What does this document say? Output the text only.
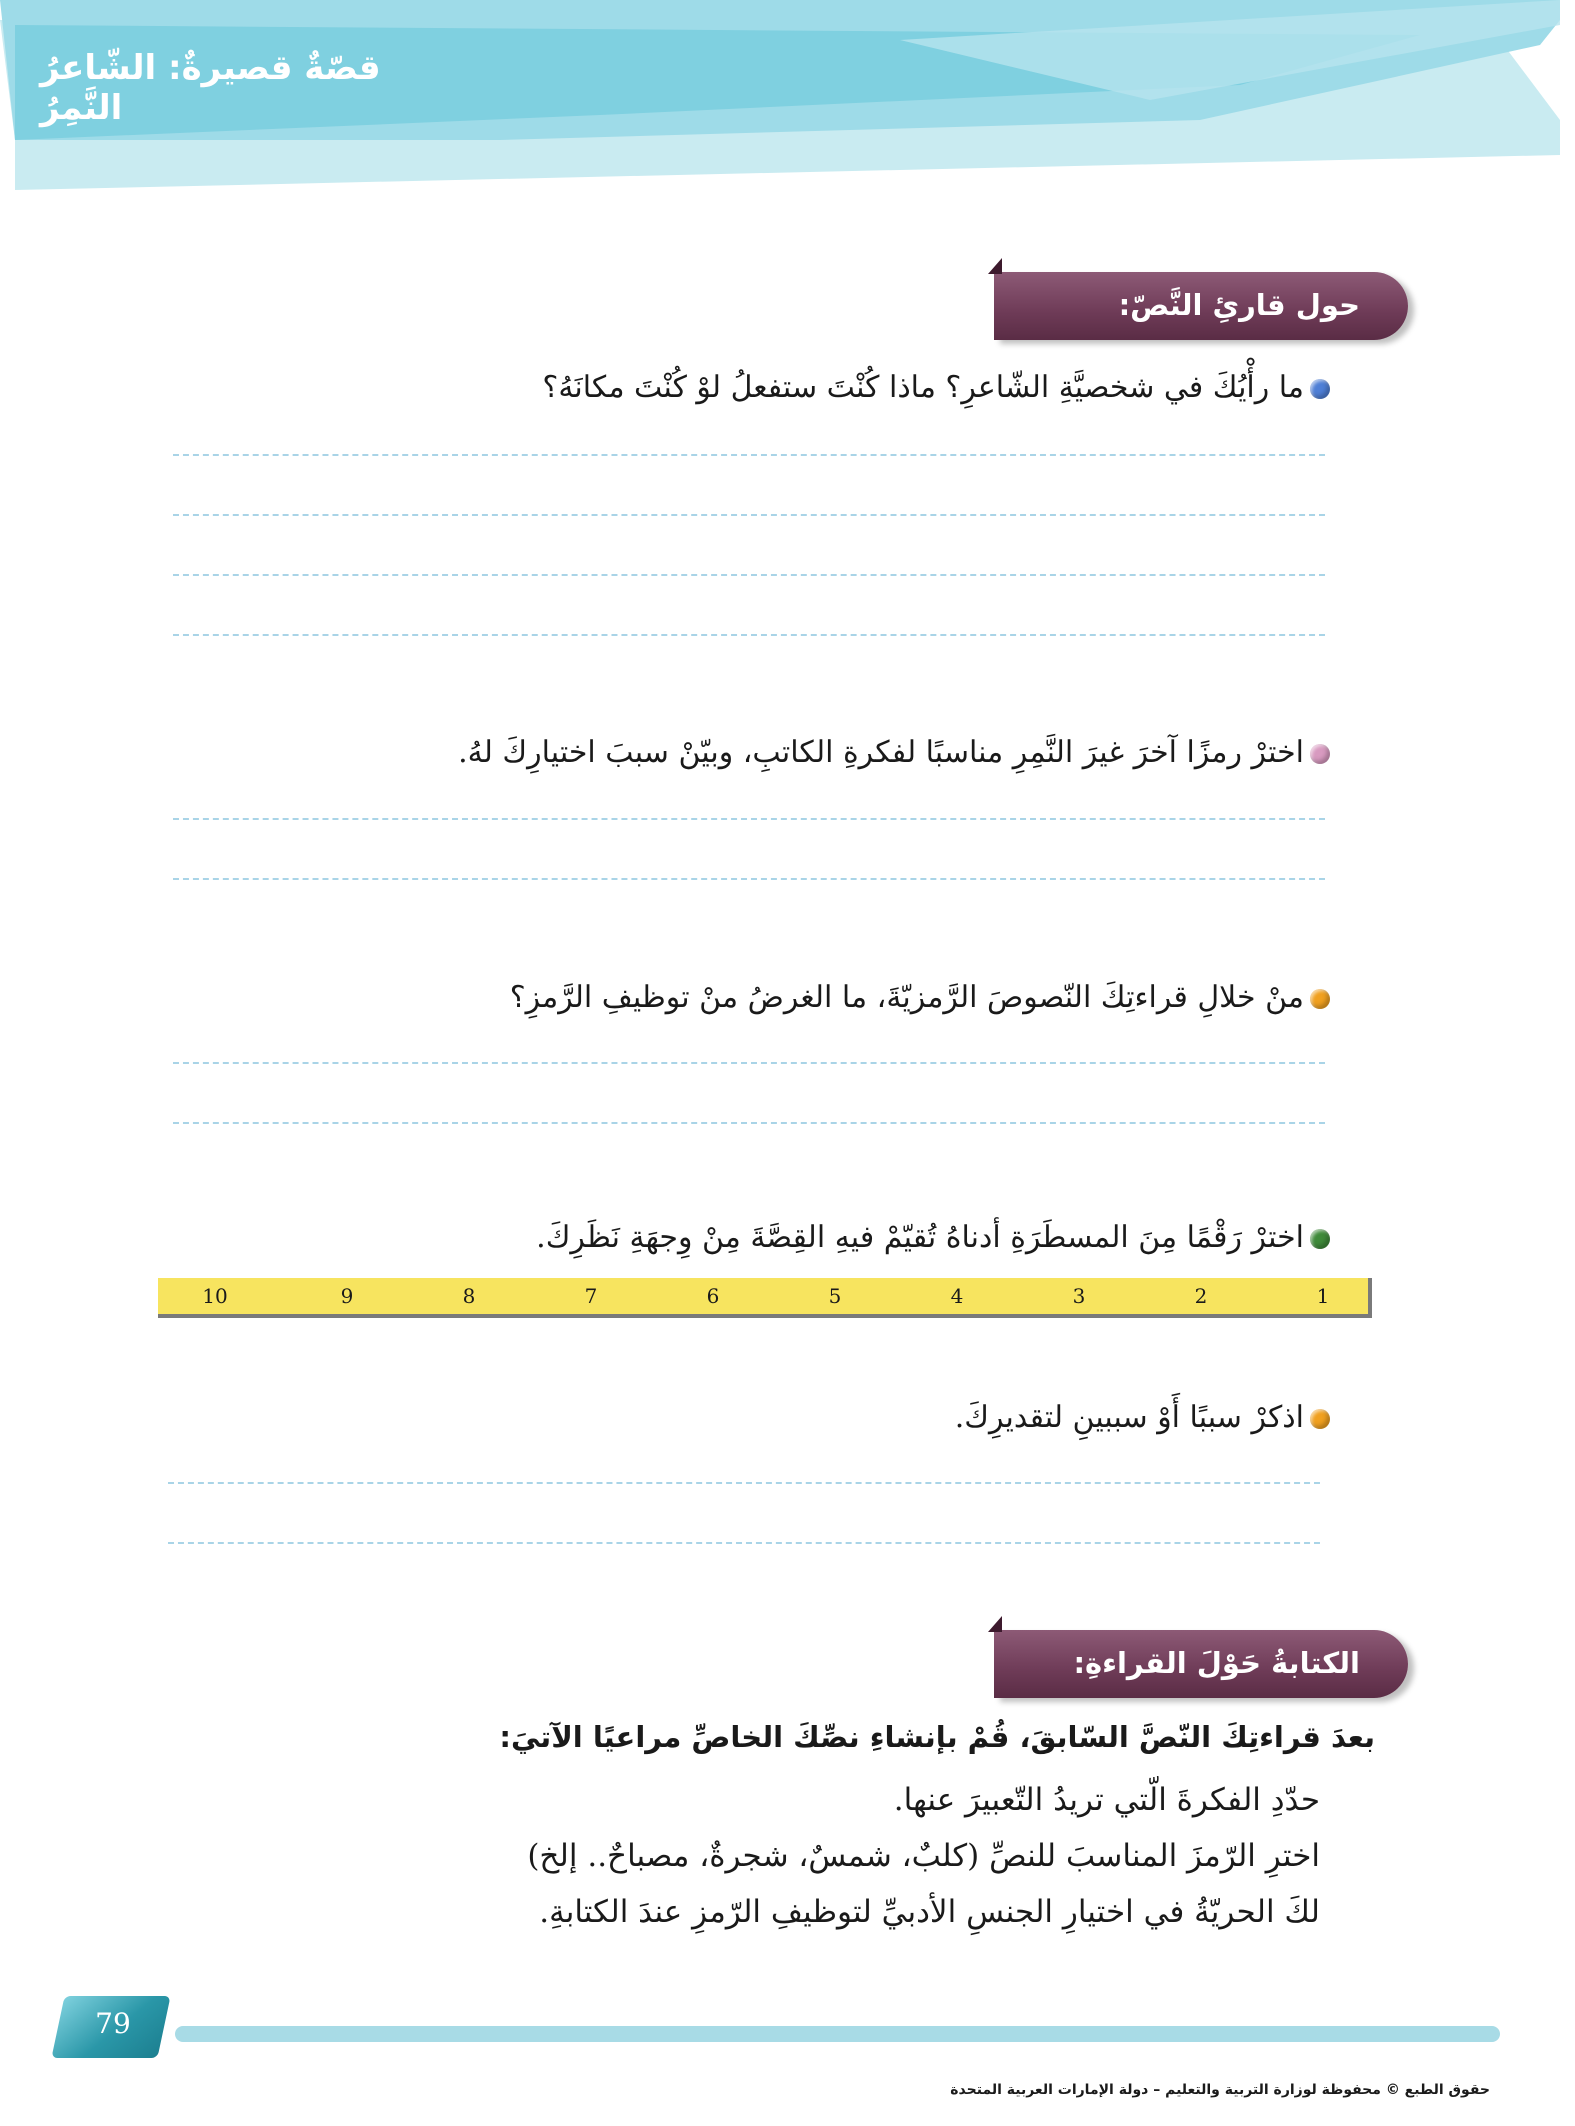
قصّةٌ قصيرةٌ: الشّاعرُ النَّمِرُ
حول قارئِ النَّصّ:
ما رأْيُكَ في شخصيَّةِ الشّاعرِ؟ ماذا كُنْتَ ستفعلُ لوْ كُنْتَ مكانَهُ؟
اخترْ رمزًا آخرَ غيرَ النَّمِرِ مناسبًا لفكرةِ الكاتبِ، وبيّنْ سببَ اختيارِكَ لهُ.
منْ خلالِ قراءتِكَ النّصوصَ الرَّمزيّةَ، ما الغرضُ منْ توظيفِ الرَّمزِ؟
اخترْ رَقْمًا مِنَ المسطَرَةِ أدناهُ تُقيّمْ فيهِ القِصَّةَ مِنْ وِجهَةِ نَظَرِكَ.
1
2
3
4
5
6
7
8
9
10
اذكرْ سببًا أَوْ سببينِ لتقديرِكَ.
الكتابةُ حَوْلَ القراءةِ:
بعدَ قراءتِكَ النّصَّ السّابقَ، قُمْ بإنشاءِ نصِّكَ الخاصِّ مراعيًا الآتيَ:
حدّدِ الفكرةَ الّتي تريدُ التّعبيرَ عنها.
اخترِ الرّمزَ المناسبَ للنصِّ (كلبٌ، شمسٌ، شجرةٌ، مصباحٌ.. إلخ)
لكَ الحريّةُ في اختيارِ الجنسِ الأدبيِّ لتوظيفِ الرّمزِ عندَ الكتابةِ.
79
حقوق الطبع © محفوظة لوزارة التربية والتعليم – دولة الإمارات العربية المتحدة
